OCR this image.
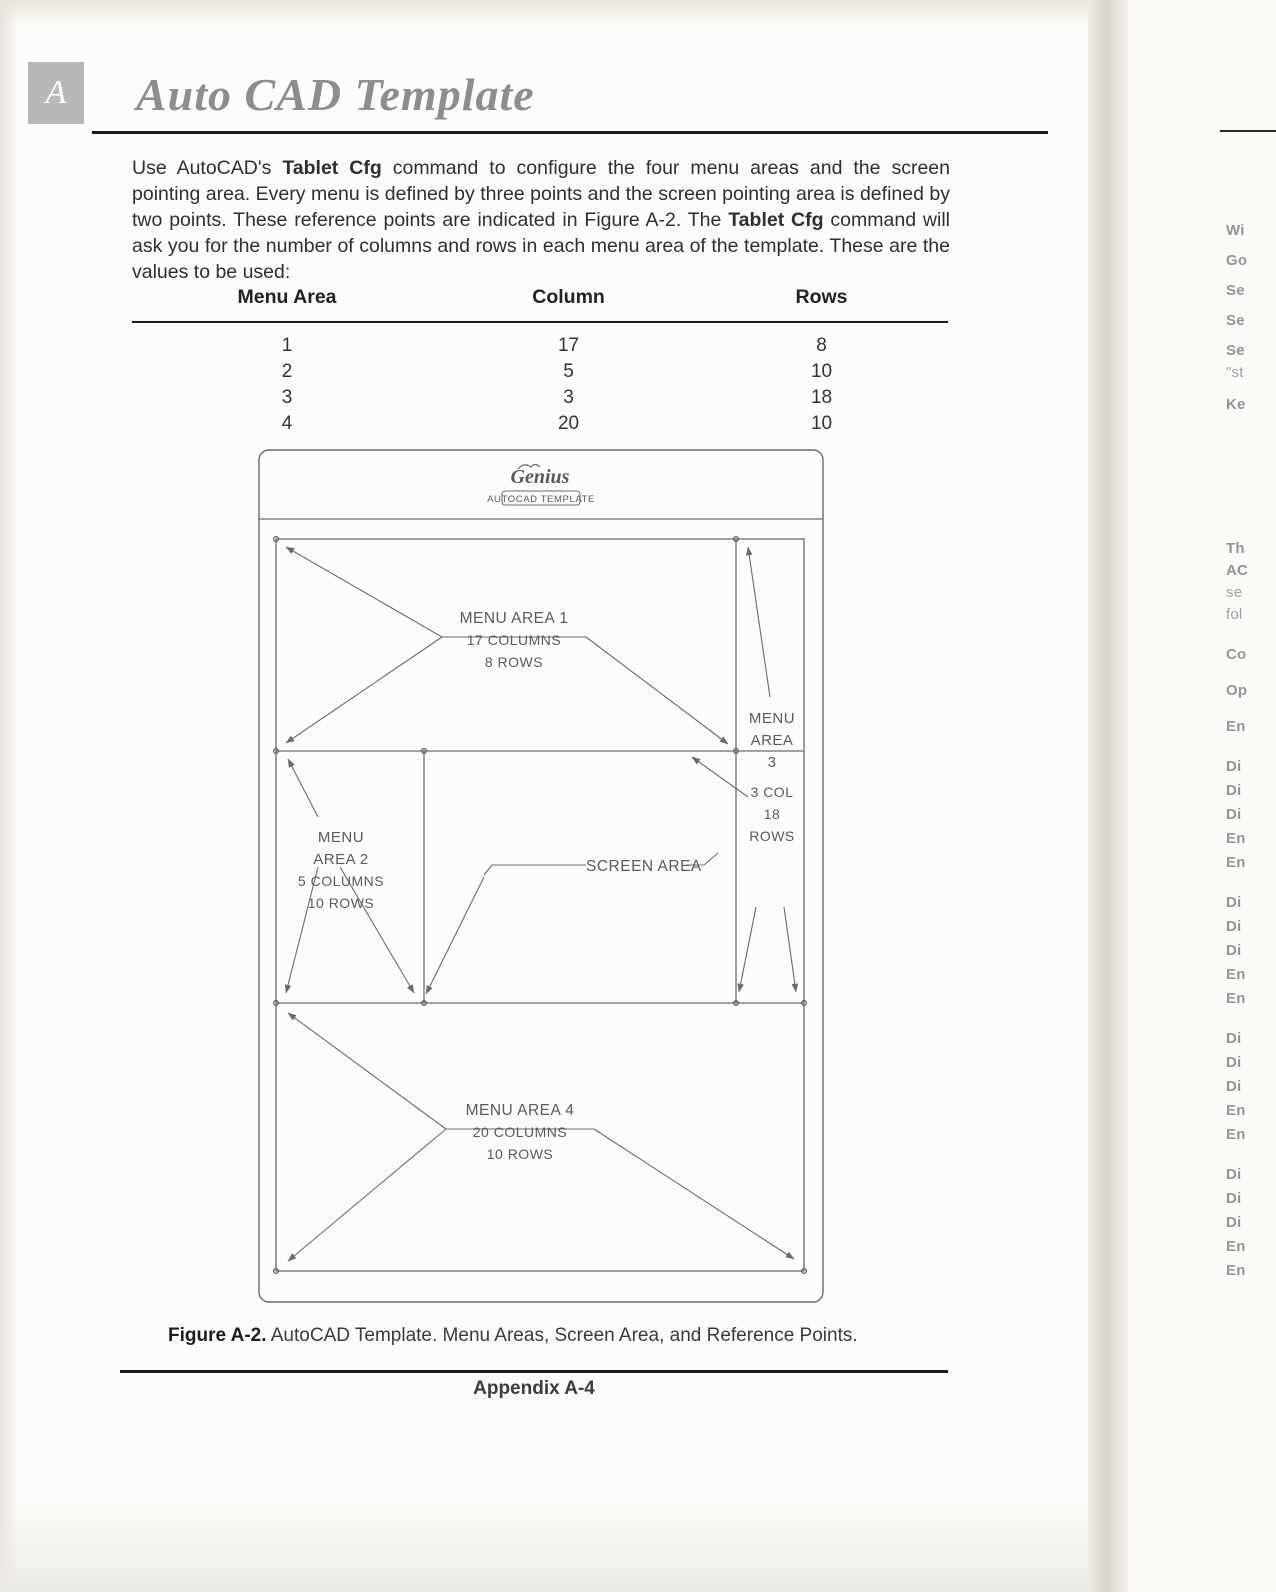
A	Auto CAD Template
Use AutoCAD's Tablet Cfg command to configure the four menu areas and the screen pointing area. Every menu is defined by three points and the screen pointing area is defined by two points. These reference points are indicated in Figure A-2. The Tablet Cfg command will ask you for the number of columns and rows in each menu area of the template. These are the values to be used:
Menu Area	Column	Rows
1	17	8
2	5	10
3	3	18
4	20	10
Genius
AUTOCAD TEMPLATE
MENU AREA 1
17 COLUMNS
8 ROWS
MENU
AREA 2
5 COLUMNS
10 ROWS
MENU
AREA
3
3 COL
18
ROWS
SCREEN AREA
MENU AREA 4
20 COLUMNS
10 ROWS
Figure A-2. AutoCAD Template. Menu Areas, Screen Area, and Reference Points.
Appendix A-4
Wi
Go
Se
Se
Se
"st
Ke
Th
AC
se
fol
Co
Op
En
Di
Di
Di
En
En
Di
Di
Di
En
En
Di
Di
Di
En
En
Di
Di
Di
En
En
